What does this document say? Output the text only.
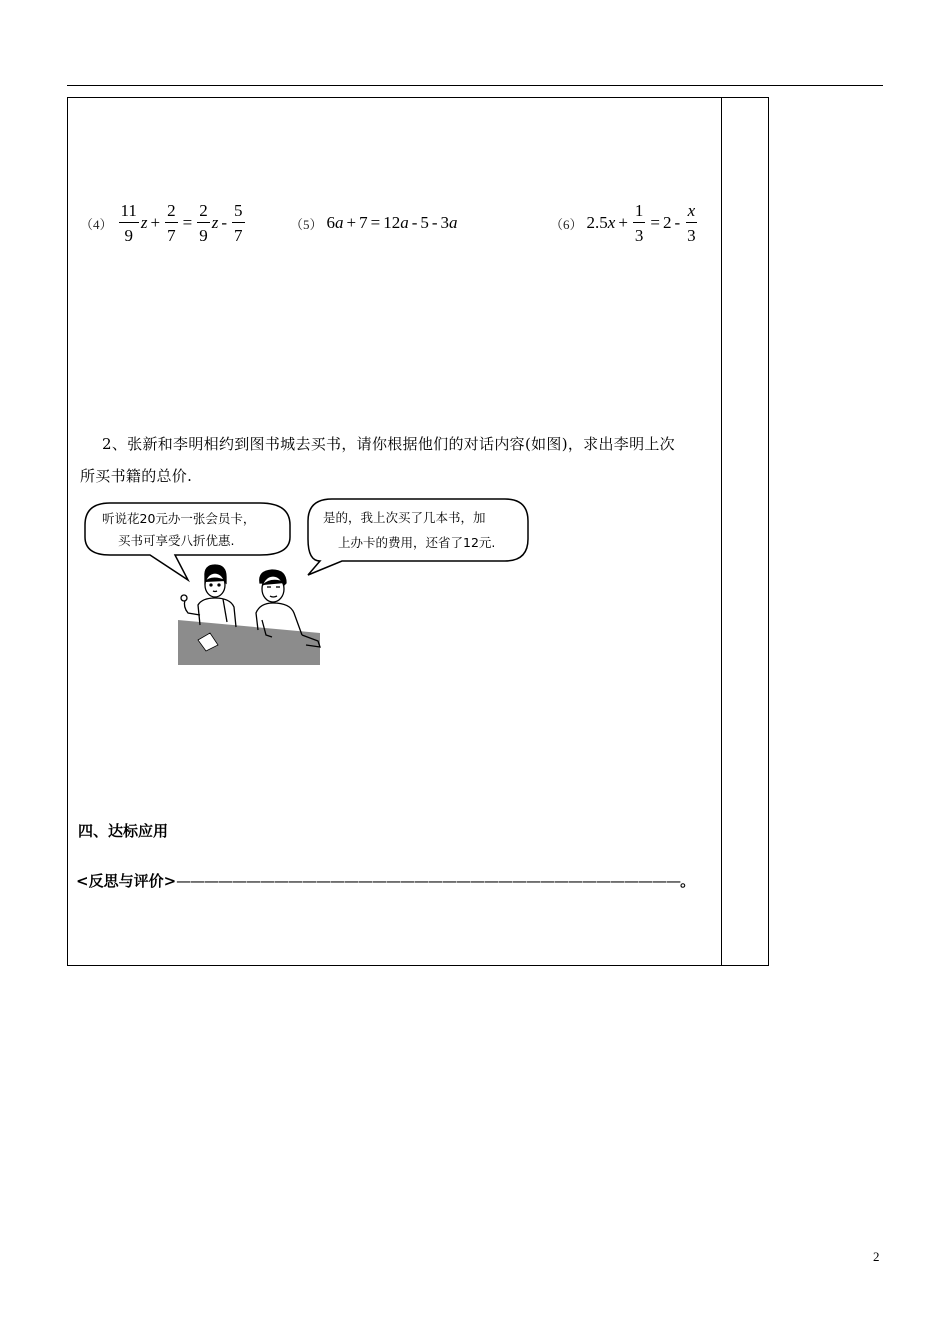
$(4) \frac{11}{9}$ $z + \frac{2}{7} = \frac{2}{9}$ z - $\frac{5}{7}$	（5） 6 a + 7 = 12 a - 5 - 3 a	（6） 2.5 $x + \frac{1}{3} = 2 - \frac{x}{3}$
2、张新和李明相约到图书城去买书，请你根据他们的对话内容(如图)，求出李明上次
所买书籍的总价.
听说花20元办一张会员卡，
买书可享受八折优惠.
是的，我上次买了几本书，加
上办卡的费用，还省了12元.
四、达标应用
<反思与评价>————————————————————————————————————。
2
